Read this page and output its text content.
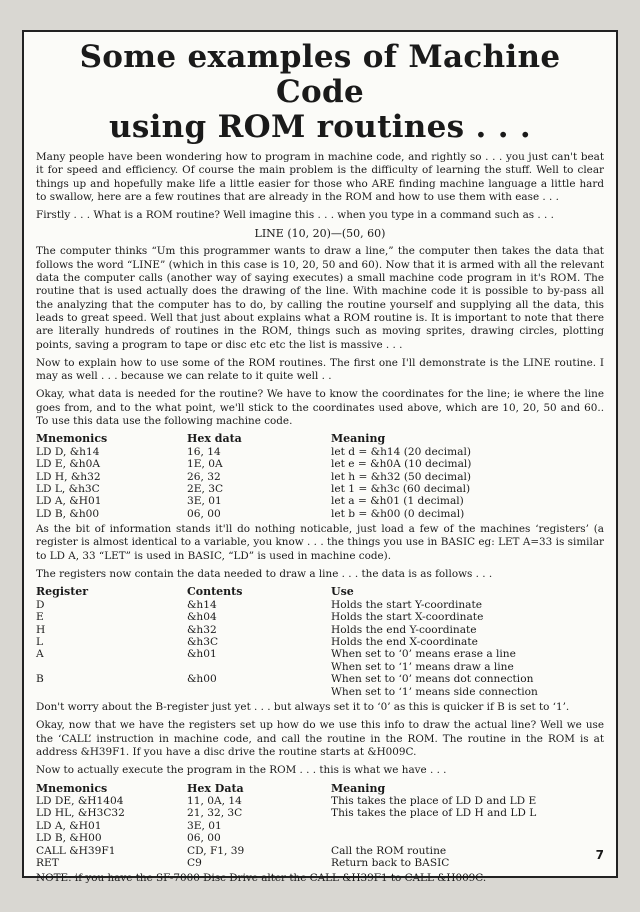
Some examples of Machine Code
using ROM routines . . .

Many people have been wondering how to program in machine code, and rightly so . . . you just can't beat it for speed and efficiency. Of course the main problem is the difficulty of learning the stuff. Well to clear things up and hopefully make life a little easier for those who ARE finding machine language a little hard to swallow, here are a few routines that are already in the ROM and how to use them with ease . . .

Firstly . . . What is a ROM routine? Well imagine this . . . when you type in a command such as . . .

LINE (10, 20)—(50, 60)

The computer thinks “Um this programmer wants to draw a line,” the computer then takes the data that follows the word “LINE” (which in this case is 10, 20, 50 and 60). Now that it is armed with all the relevant data the computer calls (another way of saying executes) a small machine code program in it's ROM. The routine that is used actually does the drawing of the line. With machine code it is possible to by-pass all the analyzing that the computer has to do, by calling the routine yourself and supplying all the data, this leads to great speed. Well that just about explains what a ROM routine is. It is important to note that there are literally hundreds of routines in the ROM, things such as moving sprites, drawing circles, plotting points, saving a program to tape or disc etc etc the list is massive . . .

Now to explain how to use some of the ROM routines. The first one I'll demonstrate is the LINE routine. I may as well . . . because we can relate to it quite well . .

Okay, what data is needed for the routine? We have to know the coordinates for the line; ie where the line goes from, and to the what point, we'll stick to the coordinates used above, which are 10, 20, 50 and 60.. To use this data use the following machine code.

Mnemonics	Hex data	Meaning
LD D, &h14	16, 14	let d = &h14 (20 decimal)
LD E, &h0A	1E, 0A	let e = &h0A (10 decimal)
LD H, &h32	26, 32	let h = &h32 (50 decimal)
LD L, &h3C	2E, 3C	let 1 = &h3c (60 decimal)
LD A, &H01	3E, 01	let a = &h01 (1 decimal)
LD B, &h00	06, 00	let b = &h00 (0 decimal)

As the bit of information stands it'll do nothing noticable, just load a few of the machines ‘registers’ (a register is almost identical to a variable, you know . . . the things you use in BASIC eg: LET A=33 is similar to LD A, 33 “LET” is used in BASIC, “LD” is used in machine code).

The registers now contain the data needed to draw a line . . . the data is as follows . . .

Register	Contents	Use
D	&h14	Holds the start Y-coordinate
E	&h04	Holds the start X-coordinate
H	&h32	Holds the end Y-coordinate
L	&h3C	Holds the end X-coordinate
A	&h01	When set to ‘0’ means erase a line
		When set to ‘1’ means draw a line
B	&h00	When set to ‘0’ means dot connection
		When set to ‘1’ means side connection

Don't worry about the B-register just yet . . . but always set it to ‘0’ as this is quicker if B is set to ‘1’.

Okay, now that we have the registers set up how do we use this info to draw the actual line? Well we use the ‘CALL’ instruction in machine code, and call the routine in the ROM. The routine in the ROM is at address &H39F1. If you have a disc drive the routine starts at &H009C.

Now to actually execute the program in the ROM . . . this is what we have . . .

Mnemonics	Hex Data	Meaning
LD DE, &H1404	11, 0A, 14	This takes the place of LD D and LD E
LD HL, &H3C32	21, 32, 3C	This takes the place of LD H and LD L
LD A, &H01	3E, 01	
LD B, &H00	06, 00	
CALL &H39F1	CD, F1, 39	Call the ROM routine
RET	C9	Return back to BASIC

NOTE: if you have the SF-7000 Disc Drive alter the CALL &H39F1 to CALL &H009C.

7
